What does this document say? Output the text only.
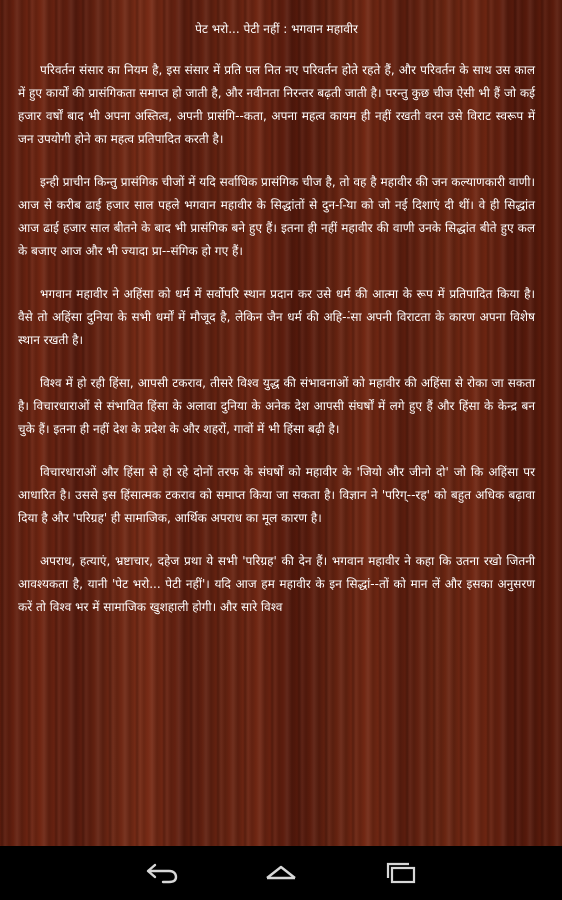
पेट भरो... पेटी नहीं : भगवान महावीर

परिवर्तन संसार का नियम है, इस संसार में प्रति पल नित नए परिवर्तन होते रहते हैं, और परिवर्तन के साथ उस काल में हुए कार्यों की प्रासंगिकता समाप्त हो जाती है, और नवीनता निरन्तर बढ़ती जाती है। परन्तु कुछ चीज ऐसी भी हैं जो कई हजार वर्षों बाद भी अपना अस्तित्व, अपनी प्रासंगि--कता, अपना महत्व कायम ही नहीं रखती वरन उसे विराट स्वरूप में जन उपयोगी होने का महत्व प्रतिपादित करती है।

इन्ही प्राचीन किन्तु प्रासंगिक चीजों में यदि सर्वाधिक प्रासंगिक चीज है, तो वह है महावीर की जन कल्याणकारी वाणी। आज से करीब ढाई हजार साल पहले भगवान महावीर के सिद्धांतों से दुन--िया को जो नई दिशाएं दी थीं। वे ही सिद्धांत आज ढाई हजार साल बीतने के बाद भी प्रासंगिक बने हुए हैं। इतना ही नहीं महावीर की वाणी उनके सिद्धांत बीते हुए कल के बजाए आज और भी ज्यादा प्रा--संगिक हो गए हैं।

भगवान महावीर ने अहिंसा को धर्म में सर्वोपरि स्थान प्रदान कर उसे धर्म की आत्मा के रूप में प्रतिपादित किया है। वैसे तो अहिंसा दुनिया के सभी धर्मों में मौजूद है, लेकिन जैन धर्म की अहि--ंसा अपनी विराटता के कारण अपना विशेष स्थान रखती है।

विश्व में हो रही हिंसा, आपसी टकराव, तीसरे विश्व युद्ध की संभावनाओं को महावीर की अहिंसा से रोका जा सकता है। विचारधाराओं से संभावित हिंसा के अलावा दुनिया के अनेक देश आपसी संघर्षों में लगे हुए हैं और हिंसा के केन्द्र बन चुके हैं। इतना ही नहीं देश के प्रदेश के और शहरों, गावों में भी हिंसा बढ़ी है।

विचारधाराओं और हिंसा से हो रहे दोनों तरफ के संघर्षों को महावीर के 'जियो और जीनो दो' जो कि अहिंसा पर आधारित है। उससे इस हिंसात्मक टकराव को समाप्त किया जा सकता है। विज्ञान ने 'परिग्--रह' को बहुत अधिक बढ़ावा दिया है और 'परिग्रह' ही सामाजिक, आर्थिक अपराध का मूल कारण है।

अपराध, हत्याएं, भ्रष्टाचार, दहेज प्रथा ये सभी 'परिग्रह' की देन हैं। भगवान महावीर ने कहा कि उतना रखो जितनी आवश्यकता है, यानी 'पेट भरो... पेटी नहीं'। यदि आज हम महावीर के इन सिद्धां--तों को मान लें और इसका अनुसरण करें तो विश्व भर में सामाजिक खुशहाली होगी। और सारे विश्व
